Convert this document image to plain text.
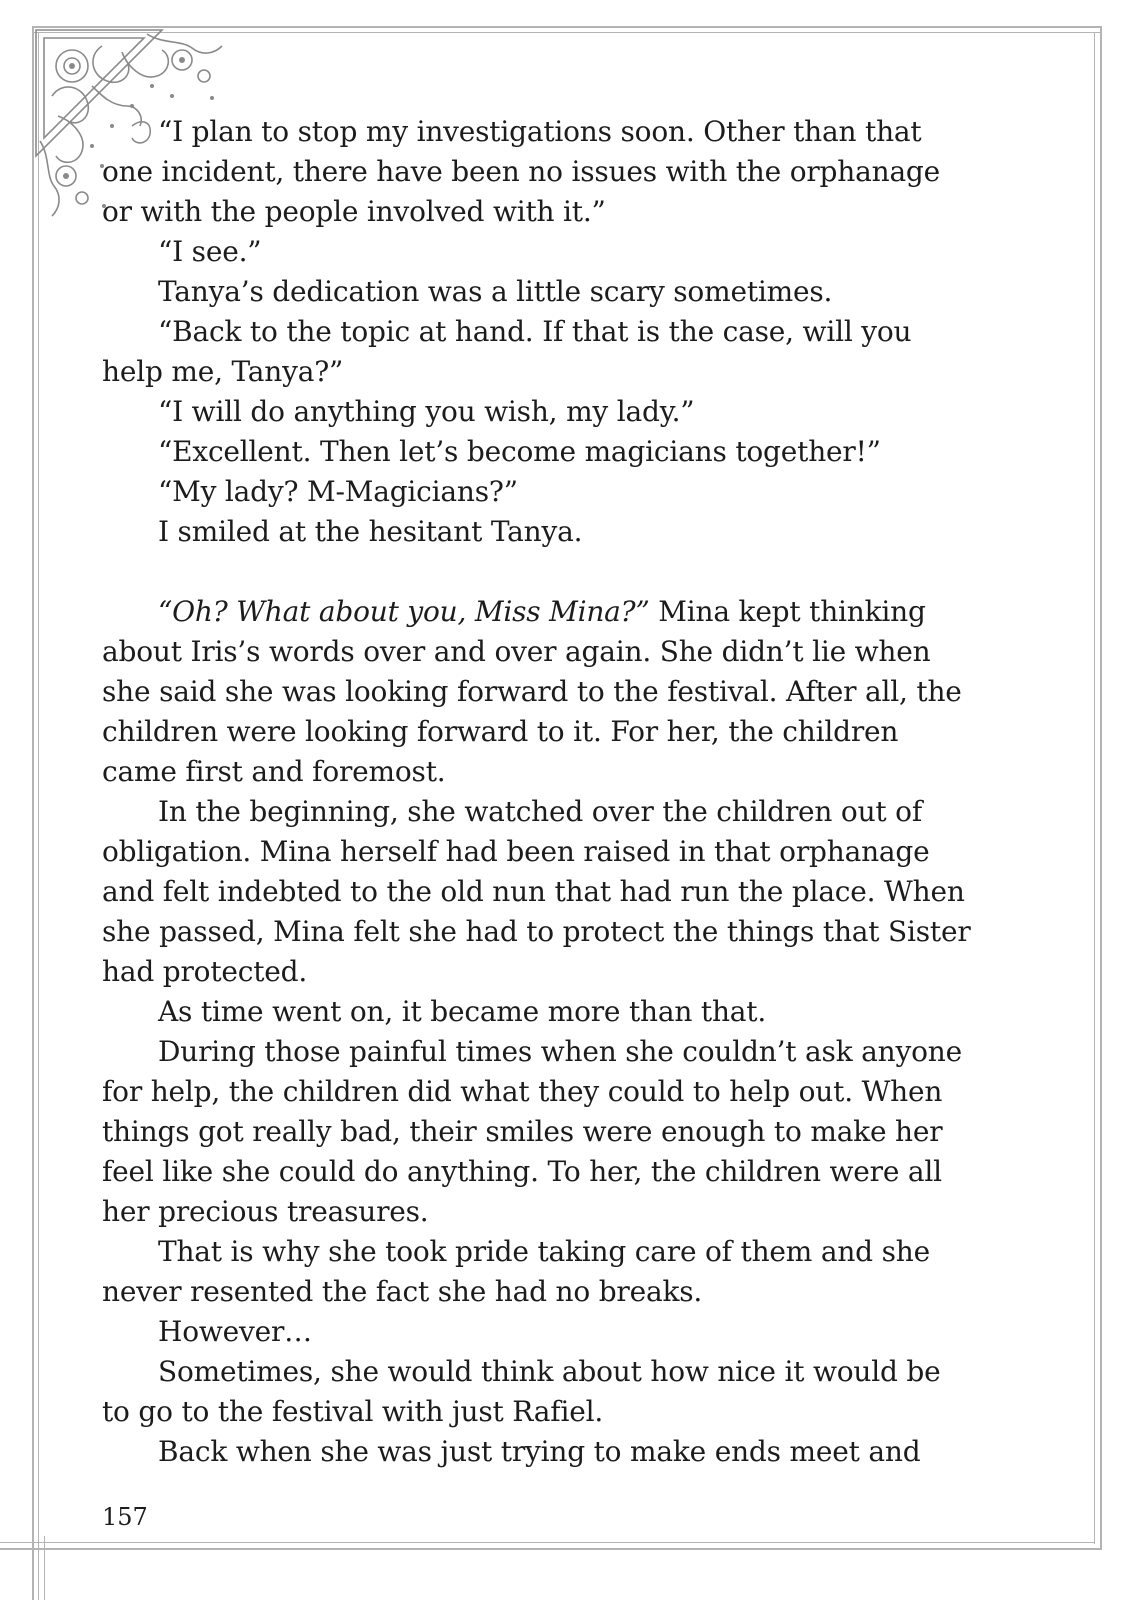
“I plan to stop my investigations soon. Other than that
one incident, there have been no issues with the orphanage
or with the people involved with it.”
“I see.”
Tanya’s dedication was a little scary sometimes.
“Back to the topic at hand. If that is the case, will you
help me, Tanya?”
“I will do anything you wish, my lady.”
“Excellent. Then let’s become magicians together!”
“My lady? M-Magicians?”
I smiled at the hesitant Tanya.
“Oh? What about you, Miss Mina?” Mina kept thinking
about Iris’s words over and over again. She didn’t lie when
she said she was looking forward to the festival. After all, the
children were looking forward to it. For her, the children
came first and foremost.
In the beginning, she watched over the children out of
obligation. Mina herself had been raised in that orphanage
and felt indebted to the old nun that had run the place. When
she passed, Mina felt she had to protect the things that Sister
had protected.
As time went on, it became more than that.
During those painful times when she couldn’t ask anyone
for help, the children did what they could to help out. When
things got really bad, their smiles were enough to make her
feel like she could do anything. To her, the children were all
her precious treasures.
That is why she took pride taking care of them and she
never resented the fact she had no breaks.
However…
Sometimes, she would think about how nice it would be
to go to the festival with just Rafiel.
Back when she was just trying to make ends meet and
157
